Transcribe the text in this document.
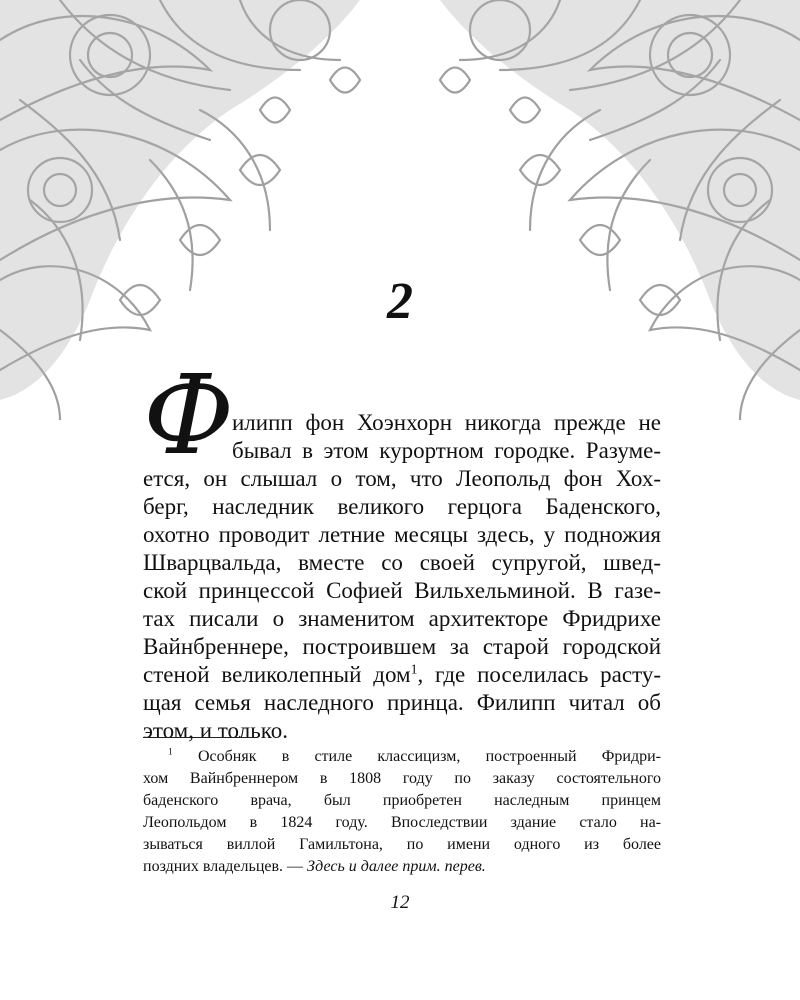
2
Ф
илипп фон Хоэнхорн никогда прежде не
бывал в этом курортном городке. Разуме-
ется, он слышал о том, что Леопольд фон Хох-
берг, наследник великого герцога Баденского,
охотно проводит летние месяцы здесь, у подножия
Шварцвальда, вместе со своей супругой, швед-
ской принцессой Софией Вильхельминой. В газе-
тах писали о знаменитом архитекторе Фридрихе
Вайнбреннере, построившем за старой городской
стеной великолепный дом$^1$, где поселилась расту-
щая семья наследного принца. Филипп читал об
этом, и только.
$^1$ Особняк в стиле классицизм, построенный Фридри-
хом Вайнбреннером в 1808 году по заказу состоятельного
баденского врача, был приобретен наследным принцем
Леопольдом в 1824 году. Впоследствии здание стало на-
зываться виллой Гамильтона, по имени одного из более
поздних владельцев. — Здесь и далее прим. перев.
12
